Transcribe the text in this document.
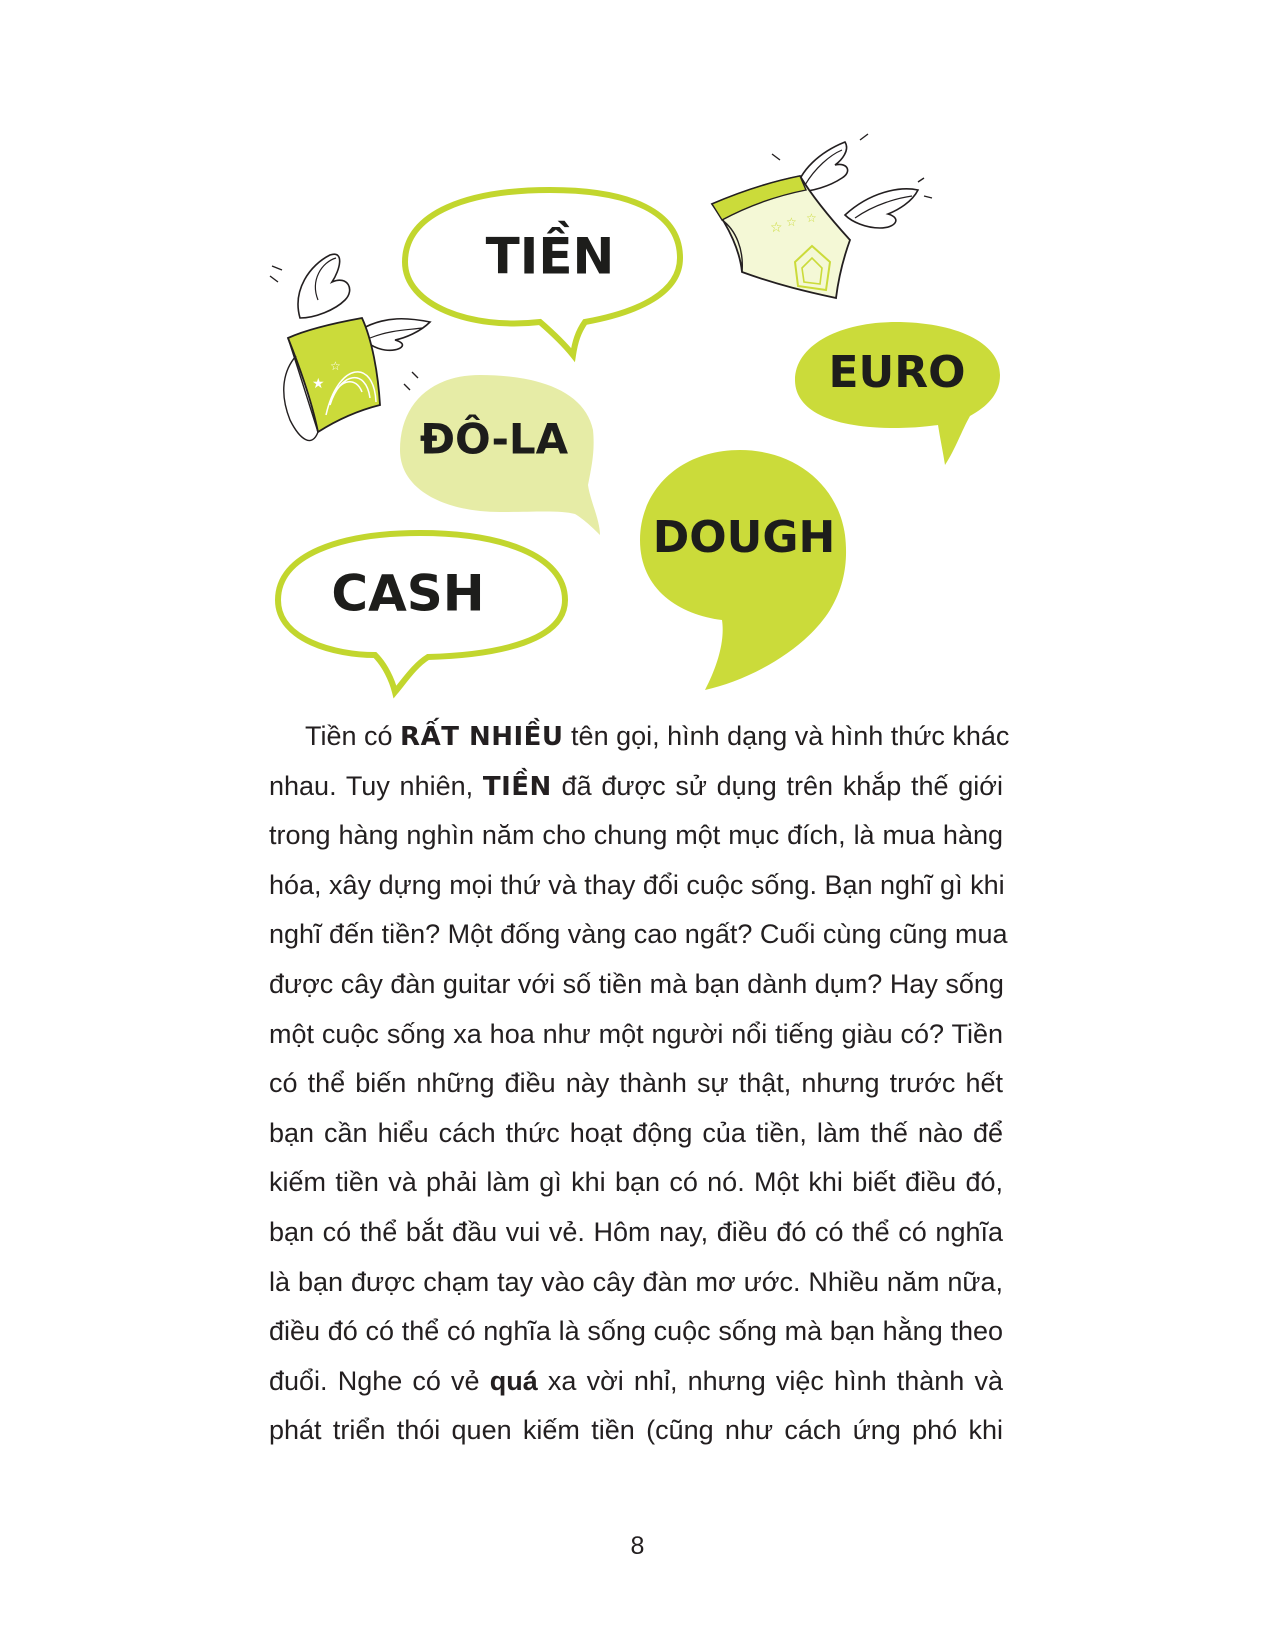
★
☆
☆ ☆ ☆
TIỀN
EURO
ĐÔ-LA
DOUGH
CASH
Tiền có RẤT NHIỀU tên gọi, hình dạng và hình thức khác
nhau. Tuy nhiên, TIỀN đã được sử dụng trên khắp thế giới
trong hàng nghìn năm cho chung một mục đích, là mua hàng
hóa, xây dựng mọi thứ và thay đổi cuộc sống. Bạn nghĩ gì khi
nghĩ đến tiền? Một đống vàng cao ngất? Cuối cùng cũng mua
được cây đàn guitar với số tiền mà bạn dành dụm? Hay sống
một cuộc sống xa hoa như một người nổi tiếng giàu có? Tiền
có thể biến những điều này thành sự thật, nhưng trước hết
bạn cần hiểu cách thức hoạt động của tiền, làm thế nào để
kiếm tiền và phải làm gì khi bạn có nó. Một khi biết điều đó,
bạn có thể bắt đầu vui vẻ. Hôm nay, điều đó có thể có nghĩa
là bạn được chạm tay vào cây đàn mơ ước. Nhiều năm nữa,
điều đó có thể có nghĩa là sống cuộc sống mà bạn hằng theo
đuổi. Nghe có vẻ quá xa vời nhỉ, nhưng việc hình thành và
phát triển thói quen kiếm tiền (cũng như cách ứng phó khi
8
